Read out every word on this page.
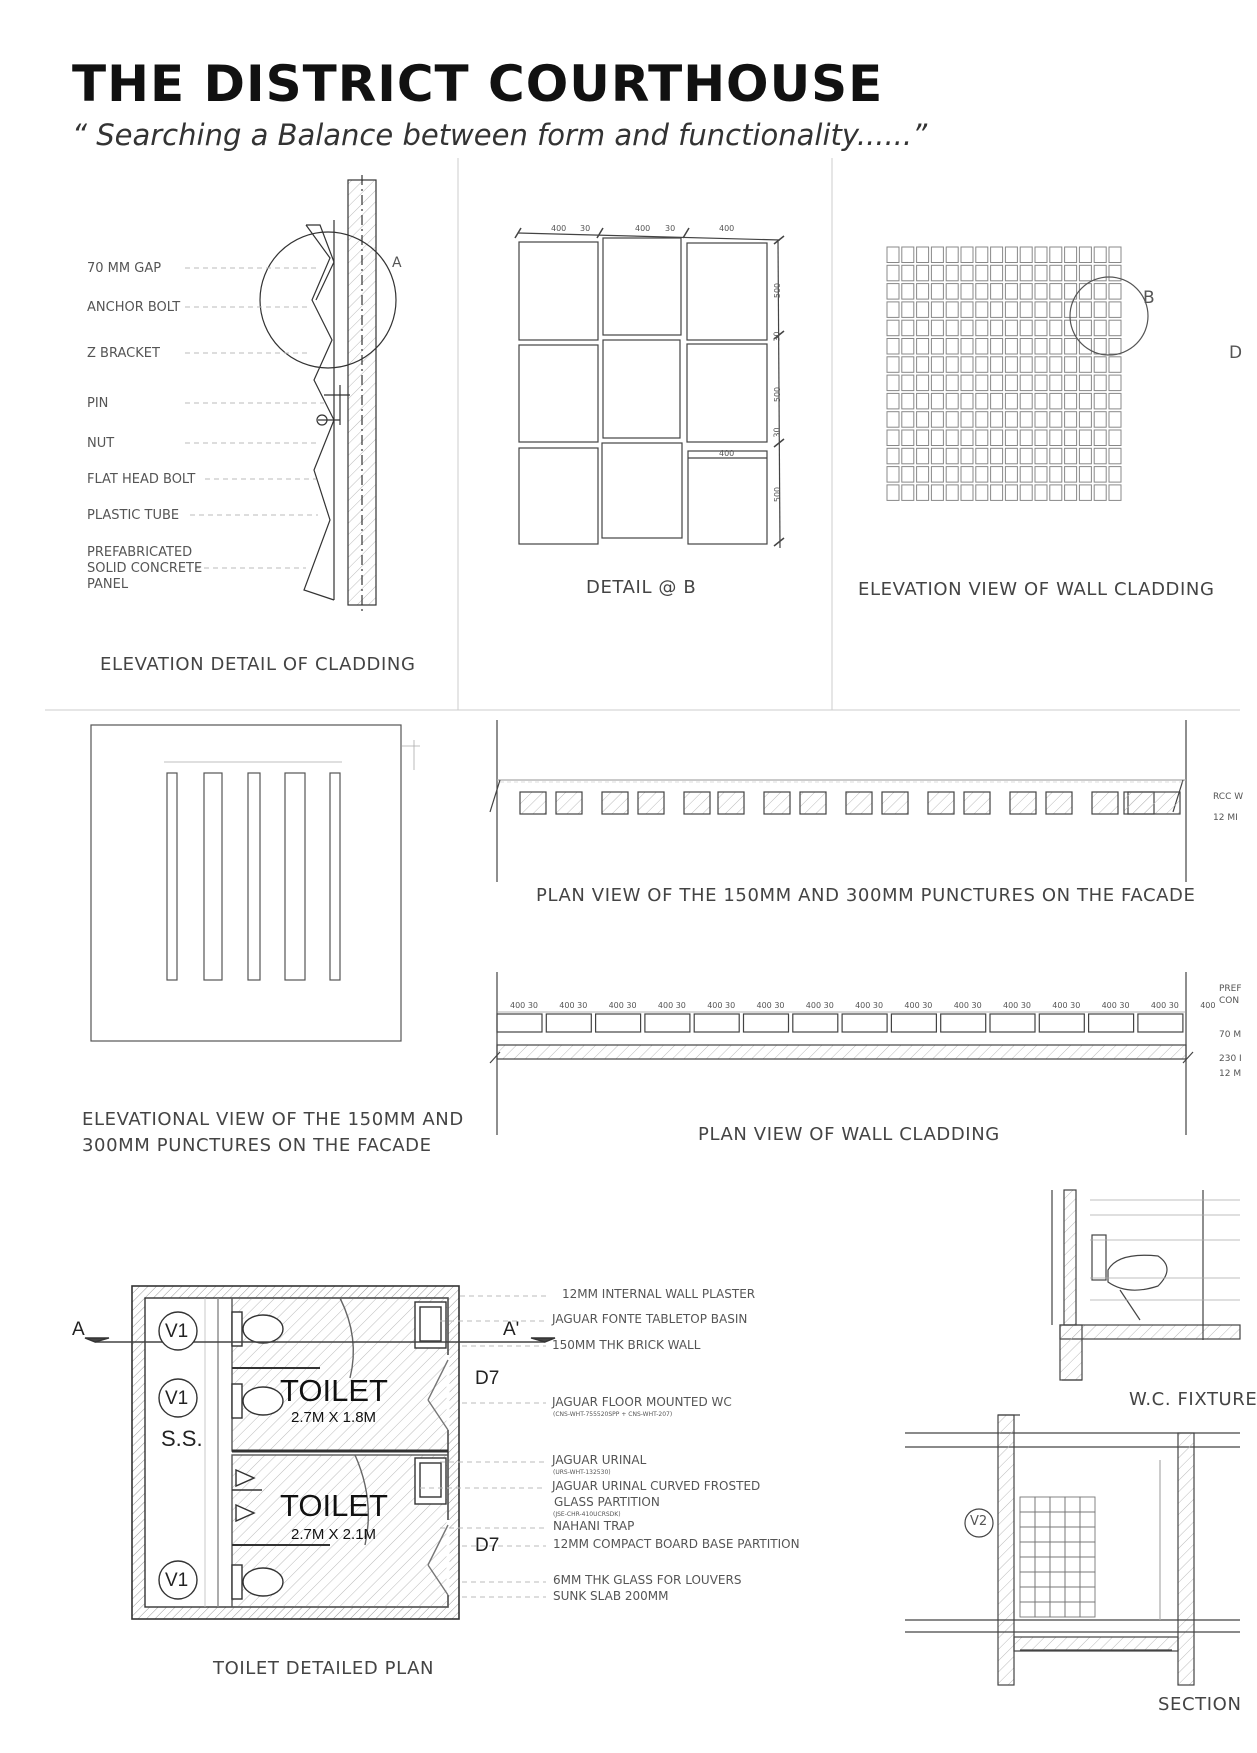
THE DISTRICT COURTHOUSE
“ Searching a Balance between form and functionality......”
70 MM GAP
ANCHOR BOLT
Z BRACKET
PIN
NUT
FLAT HEAD BOLT
PLASTIC TUBE
PREFABRICATED
SOLID CONCRETE
PANEL
A
ELEVATION DETAIL OF CLADDING
400 30	400 30	400
500
30
500
30
500
400
DETAIL @ B
B
D
ELEVATION VIEW OF WALL CLADDING
ELEVATIONAL VIEW OF THE 150MM AND
300MM PUNCTURES ON THE FACADE
PLAN VIEW OF THE 150MM AND 300MM PUNCTURES ON THE FACADE
RCC W
12 MI
400 30	400 30	400 30	400 30	400 30	400 30	400 30	400 30	400 30	400 30	400 30	400 30	400 30	400 30	400
PREF
CON
70 M
230 I
12 M
PLAN VIEW OF WALL CLADDING
A	A'
V1
V1
V1
S.S.
D7
D7
TOILET
2.7M X 1.8M
TOILET
2.7M X 2.1M
12MM INTERNAL WALL PLASTER
JAGUAR FONTE TABLETOP BASIN
150MM THK BRICK WALL
JAGUAR FLOOR MOUNTED WC
(CNS-WHT-755520SPP + CNS-WHT-207)
JAGUAR URINAL
(URS-WHT-132530)
JAGUAR URINAL CURVED FROSTED
GLASS PARTITION
(JSE-CHR-410UCRSDK)
NAHANI TRAP
12MM COMPACT BOARD BASE PARTITION
6MM THK GLASS FOR LOUVERS
SUNK SLAB 200MM
TOILET DETAILED PLAN
W.C. FIXTURE
V2
SECTION
